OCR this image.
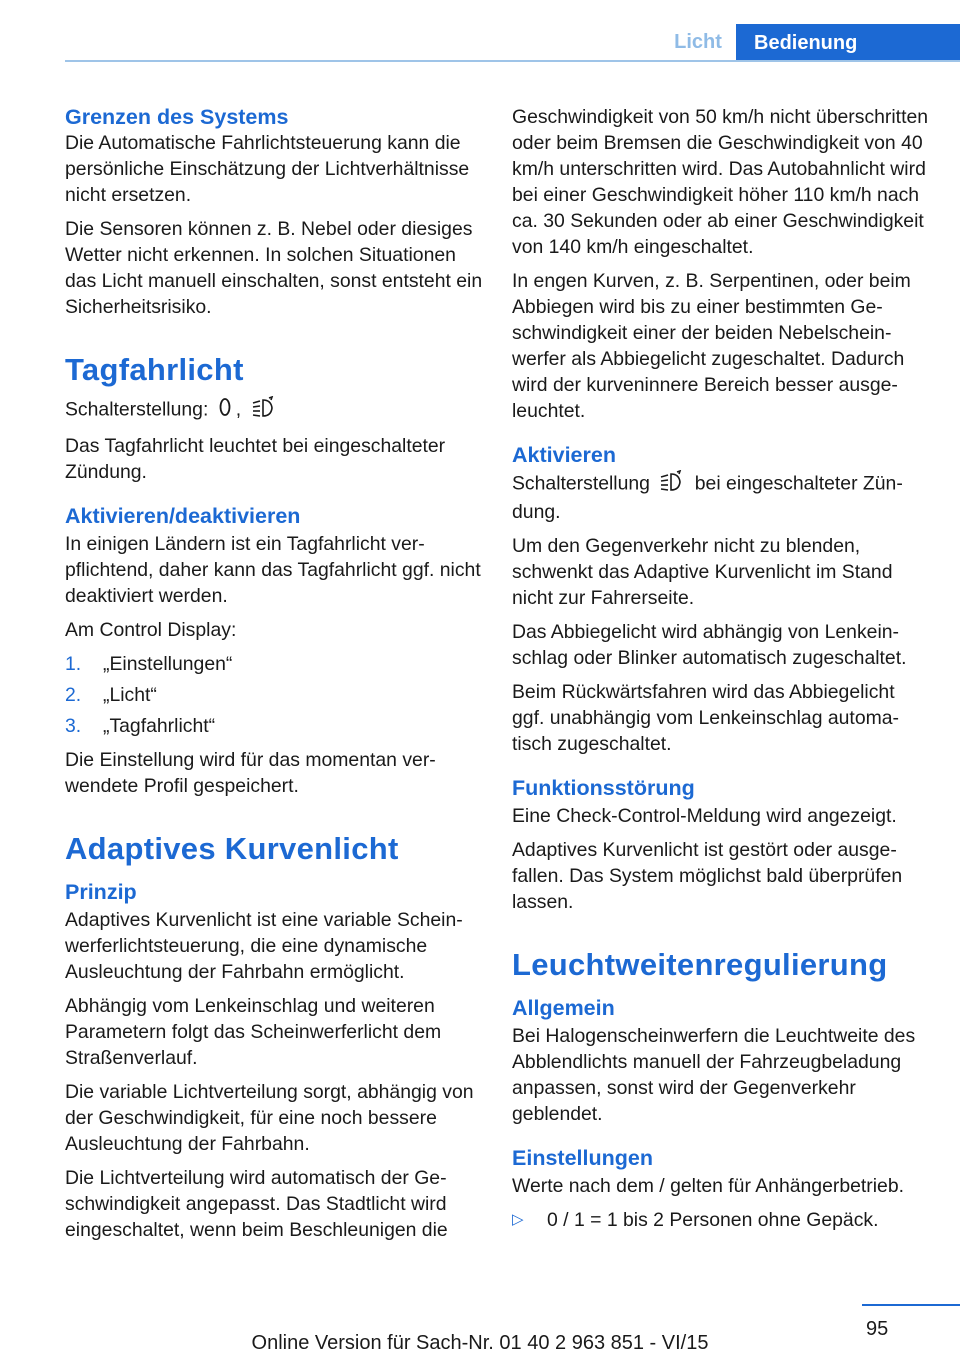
Licht	Bedienung
Grenzen des Systems

Die Automatische Fahrlichtsteuerung kann die persönliche Einschätzung der Lichtverhältnisse nicht ersetzen.

Die Sensoren können z. B. Nebel oder diesiges Wetter nicht erkennen. In solchen Situationen das Licht manuell einschalten, sonst entsteht ein Sicherheitsrisiko.

Tagfahrlicht

Schalterstellung: ,

Das Tagfahrlicht leuchtet bei eingeschalteter Zündung.

Aktivieren/deaktivieren

In einigen Ländern ist ein Tagfahrlicht verpflichtend, daher kann das Tagfahrlicht ggf. nicht deaktiviert werden.

Am Control Display:

1. „Einstellungen“
2. „Licht“
3. „Tagfahrlicht“

Die Einstellung wird für das momentan verwendete Profil gespeichert.

Adaptives Kurvenlicht
Prinzip

Adaptives Kurvenlicht ist eine variable Scheinwerferlichtsteuerung, die eine dynamische Ausleuchtung der Fahrbahn ermöglicht.

Abhängig vom Lenkeinschlag und weiteren Parametern folgt das Scheinwerferlicht dem Straßenverlauf.

Die variable Lichtverteilung sorgt, abhängig von der Geschwindigkeit, für eine noch bessere Ausleuchtung der Fahrbahn.

Die Lichtverteilung wird automatisch der Geschwindigkeit angepasst. Das Stadtlicht wird eingeschaltet, wenn beim Beschleunigen die

Geschwindigkeit von 50 km/h nicht überschritten oder beim Bremsen die Geschwindigkeit von 40 km/h unterschritten wird. Das Autobahnlicht wird bei einer Geschwindigkeit höher 110 km/h nach ca. 30 Sekunden oder ab einer Geschwindigkeit von 140 km/h eingeschaltet.

In engen Kurven, z. B. Serpentinen, oder beim Abbiegen wird bis zu einer bestimmten Geschwindigkeit einer der beiden Nebelscheinwerfer als Abbiegelicht zugeschaltet. Dadurch wird der kurveninnere Bereich besser ausgeleuchtet.

Aktivieren

Schalterstellung bei eingeschalteter Zündung.

Um den Gegenverkehr nicht zu blenden, schwenkt das Adaptive Kurvenlicht im Stand nicht zur Fahrerseite.

Das Abbiegelicht wird abhängig von Lenkeinschlag oder Blinker automatisch zugeschaltet.

Beim Rückwärtsfahren wird das Abbiegelicht ggf. unabhängig vom Lenkeinschlag automatisch zugeschaltet.

Funktionsstörung

Eine Check-Control-Meldung wird angezeigt.

Adaptives Kurvenlicht ist gestört oder ausgefallen. Das System möglichst bald überprüfen lassen.

Leuchtweitenregulierung
Allgemein

Bei Halogenscheinwerfern die Leuchtweite des Abblendlichts manuell der Fahrzeugbeladung anpassen, sonst wird der Gegenverkehr geblendet.

Einstellungen

Werte nach dem / gelten für Anhängerbetrieb.

▷ 0 / 1 = 1 bis 2 Personen ohne Gepäck.

95
Online Version für Sach-Nr. 01 40 2 963 851 - VI/15
